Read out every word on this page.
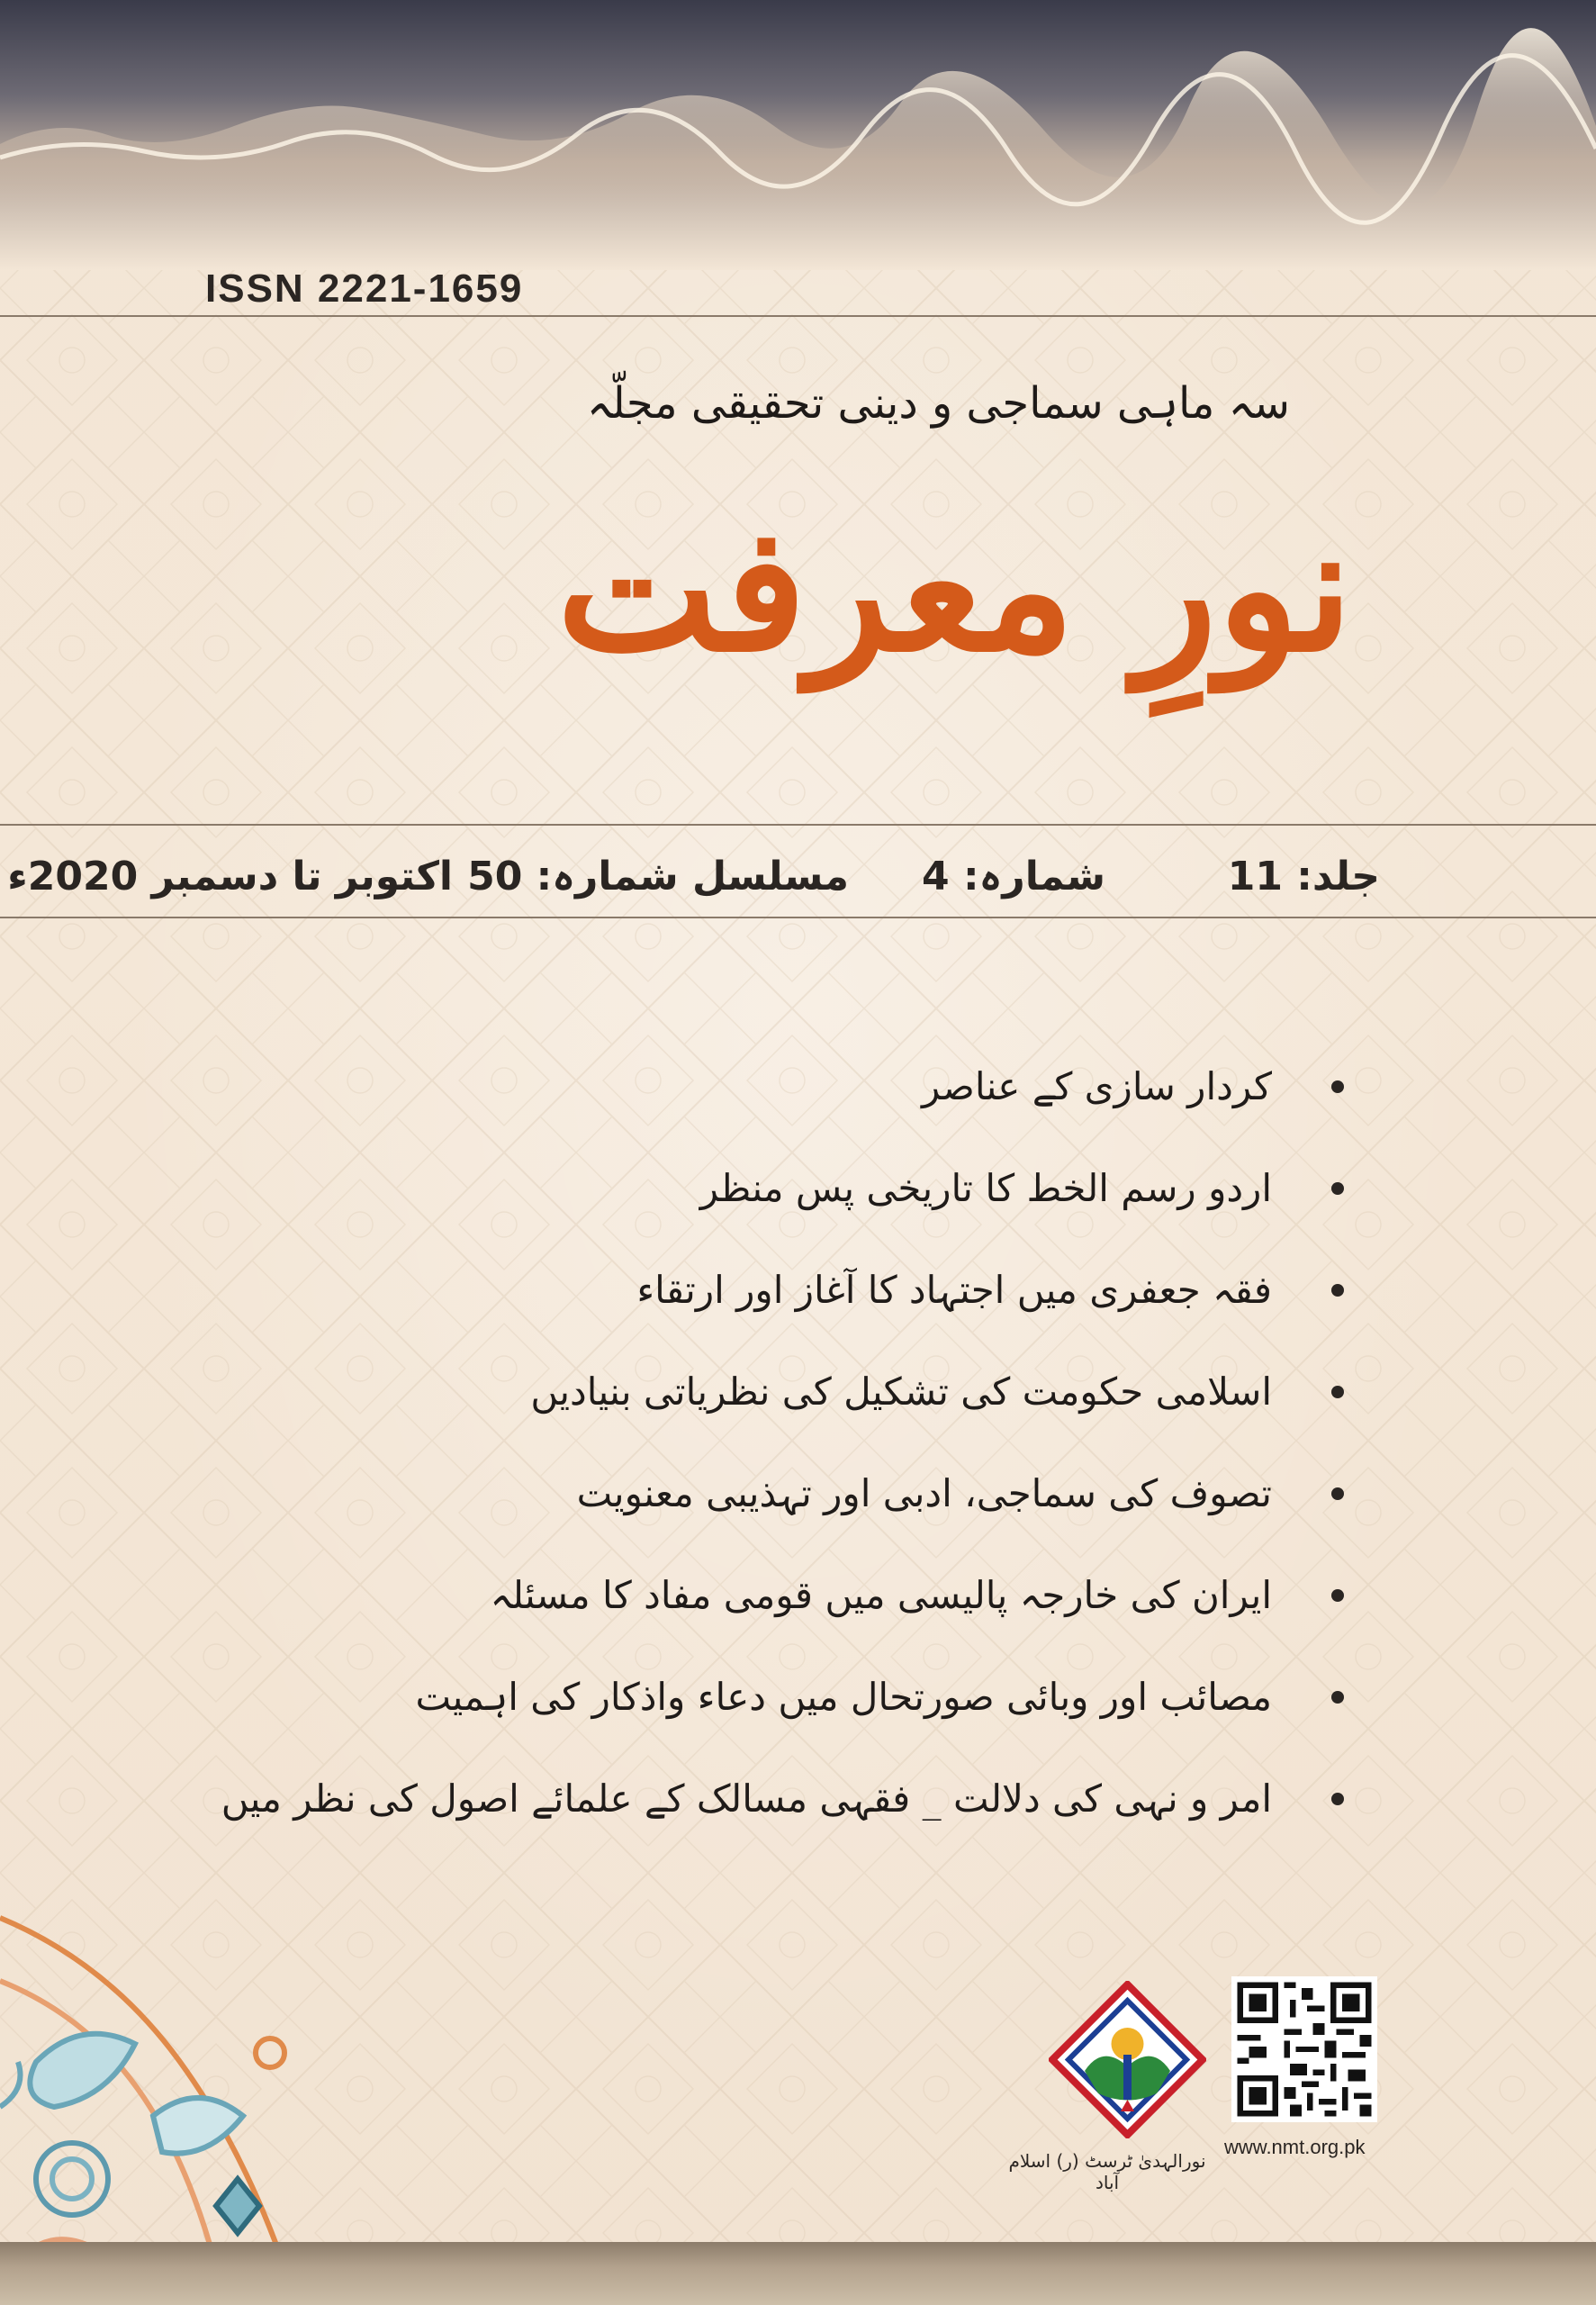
ISSN 2221-1659
سہ ماہی سماجی و دینی تحقیقی مجلّہ
نورِ معرفت
جلد: 11
شمارہ: 4
مسلسل شمارہ: 50
اکتوبر تا دسمبر 2020ء
کردار سازی کے عناصر
اردو رسم الخط کا تاریخی پس منظر
فقہ جعفری میں اجتہاد کا آغاز اور ارتقاء
اسلامی حکومت کی تشکیل کی نظریاتی بنیادیں
تصوف کی سماجی، ادبی اور تہذیبی معنویت
ایران کی خارجہ پالیسی میں قومی مفاد کا مسئلہ
مصائب اور وبائی صورتحال میں دعاء واذکار کی اہمیت
امر و نہی کی دلالت _ فقہی مسالک کے علمائے اصول کی نظر میں
نورالہدیٰ ٹرسٹ (ر) اسلام آباد
www.nmt.org.pk
